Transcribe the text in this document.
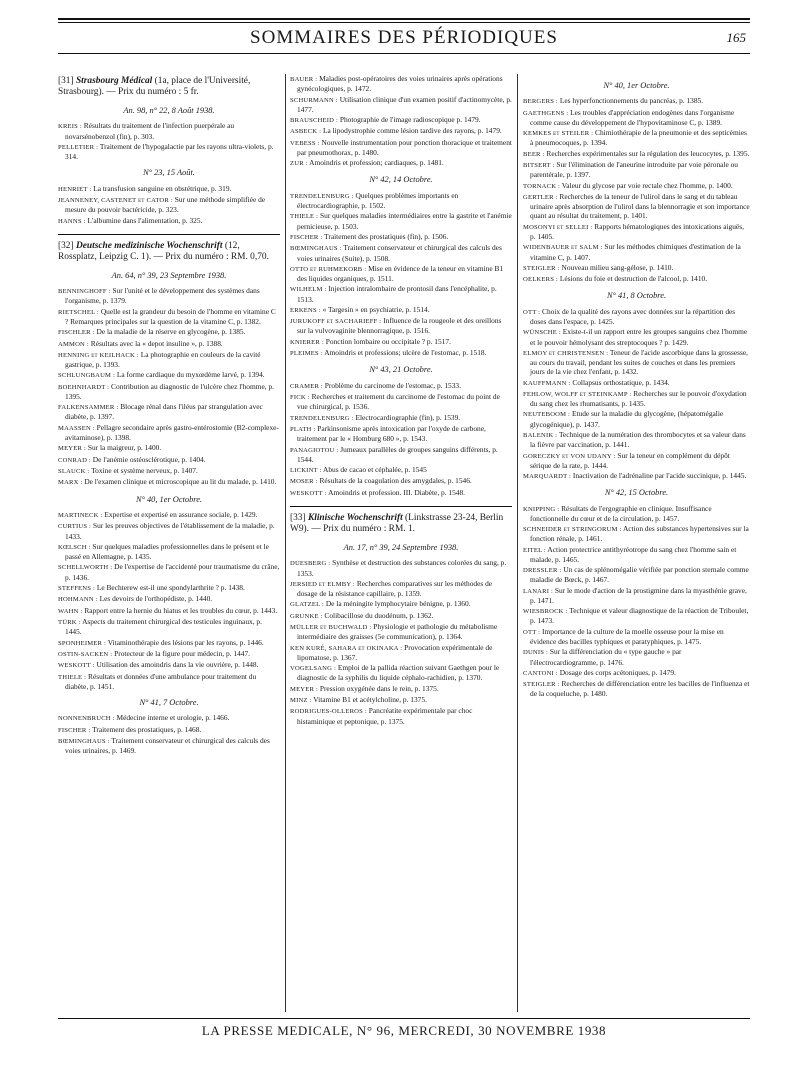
SOMMAIRES DES PÉRIODIQUES	165
[31] Strasbourg Médical (1a, place de l'Université, Strasbourg). — Prix du numéro : 5 fr.
An. 98, n° 22, 8 Août 1938.
KREIS : Résultats du traitement de l'infection puerpérale au novarsénobenzol (fin), p. 303.
PELLETIER : Traitement de l'hypogalactie par les rayons ultra-violets, p. 314.
N° 23, 15 Août.
HENRIET : La transfusion sanguine en obstétrique, p. 319.
JEANNENEY, CASTENET et CATOR : Sur une méthode simplifiée de mesure du pouvoir bactéricide, p. 323.
HANNS : L'albumine dans l'alimentation, p. 325.
[32] Deutsche medizinische Wochenschrift (12, Rossplatz, Leipzig C. 1). — Prix du numéro : RM. 0,70.
An. 64, n° 39, 23 Septembre 1938.
BENNINGHOFF : Sur l'unité et le développement des systèmes dans l'organisme, p. 1379.
RIETSCHEL : Quelle est la grandeur du besoin de l'homme en vitamine C ? Remarques principales sur la question de la vitamine C, p. 1382.
FISCHLER : De la maladie de la réserve en glycogène, p. 1385.
AMMON : Résultats avec la « depot insuline », p. 1388.
HENNING et KEILHACK : La photographie en couleurs de la cavité gastrique, p. 1393.
SCHLUNGBAUM : La forme cardiaque du myxœdème larvé, p. 1394.
BOEHNHARDT : Contribution au diagnostic de l'ulcère chez l'homme, p. 1395.
FALKENSAMMER : Blocage rénal dans l'iléus par strangulation avec diabète, p. 1397.
MAASSEN : Pellagre secondaire après gastro-entérostomie (B2-complexe-avitaminose), p. 1398.
MEYER : Sur la maigreur, p. 1400.
CONRAD : De l'anémie ostéosclérotique, p. 1404.
SLAUCK : Toxine et système nerveux, p. 1407.
MARX : De l'examen clinique et microscopique au lit du malade, p. 1410.
N° 40, 1er Octobre.
MARTINECK : Expertise et expertisé en assurance sociale, p. 1429.
CURTIUS : Sur les preuves objectives de l'établissement de la maladie, p. 1433.
KŒLSCH : Sur quelques maladies professionnelles dans le présent et le passé en Allemagne, p. 1435.
SCHELLWORTH : De l'expertise de l'accidenté pour traumatisme du crâne, p. 1436.
STEFFENS : Le Bechterew est-il une spondylarthrite ? p. 1438.
HOHMANN : Les devoirs de l'orthopédiste, p. 1440.
WAHN : Rapport entre la hernie du hiatus et les troubles du cœur, p. 1443.
TÜRK : Aspects du traitement chirurgical des testicules inguinaux, p. 1445.
SPONHEIMER : Vitaminothérapie des lésions par les rayons, p. 1446.
OSTIN-SACKEN : Protecteur de la figure pour médecin, p. 1447.
WESKOTT : Utilisation des amoindris dans la vie ouvrière, p. 1448.
THIELE : Résultats et données d'une ambulance pour traitement du diabète, p. 1451.
N° 41, 7 Octobre.
NONNENBRUCH : Médecine interne et urologie, p. 1466.
FISCHER : Traitement des prostatiques, p. 1468.
BŒMINGHAUS : Traitement conservateur et chirurgical des calculs des voies urinaires, p. 1469.
BAUER : Maladies post-opératoires des voies urinaires après opérations gynécologiques, p. 1472.
SCHURMANN : Utilisation clinique d'un examen positif d'actinomycète, p. 1477.
BRAUSCHEID : Photographie de l'image radioscopique p. 1479.
ASBECK : La lipodystrophie comme lésion tardive des rayons, p. 1479.
VEBESS : Nouvelle instrumentation pour ponction thoracique et traitement par pneumothorax, p. 1480.
ZUR : Amoindris et profession; cardiaques, p. 1481.
N° 42, 14 Octobre.
TRENDELENBURG : Quelques problèmes importants en électrocardiographie, p. 1502.
THIELE : Sur quelques maladies intermédiaires entre la gastrite et l'anémie pernicieuse, p. 1503.
FISCHER : Traitement des prostatiques (fin), p. 1506.
BŒMINGHAUS : Traitement conservateur et chirurgical des calculs des voies urinaires (Suite), p. 1508.
OTTO et RUHMEKORB : Mise en évidence de la teneur en vitamine B1 des liquides organiques, p. 1511.
WILHELM : Injection intralombaire de prontosil dans l'encéphalite, p. 1513.
ERKENS : « Targesin » en psychiatrie, p. 1514.
JURUKOFF et SACHARIEFF : Influence de la rougeole et des oreillons sur la vulvovaginite blennorragique, p. 1516.
KNIERER : Ponction lombaire ou occipitale ? p. 1517.
PLEIMES : Amoindris et professions; ulcère de l'estomac, p. 1518.
N° 43, 21 Octobre.
CRAMER : Problème du carcinome de l'estomac, p. 1533.
FICK : Recherches et traitement du carcinome de l'estomac du point de vue chirurgical, p. 1536.
TRENDELENBURG : Electrocardiographie (fin), p. 1539.
PLATH : Parkinsonisme après intoxication par l'oxyde de carbone, traitement par le « Homburg 680 », p. 1543.
PANAGIOTOU : Jumeaux parallèles de groupes sanguins différents, p. 1544.
LICKINT : Abus de cacao et céphalée, p. 1545
MOSER : Résultats de la coagulation des amygdales, p. 1546.
WESKOTT : Amoindris et profession. III. Diabète, p. 1548.
[33] Klinische Wochenschrift (Linkstrasse 23-24, Berlin W9). — Prix du numéro : RM. 1.
An. 17, n° 39, 24 Septembre 1938.
DUESBERG : Synthèse et destruction des substances colorées du sang, p. 1353.
JERSIED et ELMBY : Recherches comparatives sur les méthodes de dosage de la résistance capillaire, p. 1359.
GLATZEL : De la méningite lymphocytaire bénigne, p. 1360.
GRUNKE : Colibacillose du duodénum, p. 1362.
MÜLLER et BUCHWALD : Physiologie et pathologie du métabolisme intermédiaire des graisses (5e communication), p. 1364.
KEN KURÉ, SAHARA et OKINAKA : Provocation expérimentale de lipomatose, p. 1367.
VOGELSANG : Emploi de la pallida réaction suivant Gaethgen pour le diagnostic de la syphilis du liquide céphalo-rachidien, p. 1370.
MEYER : Pression oxygénée dans le rein, p. 1375.
MINZ : Vitamine B1 et acétylcholine, p. 1375.
RODRIGUES-OLLEROS : Pancréatite expérimentale par choc histaminique et peptonique, p. 1375.
N° 40, 1er Octobre.
BERGERS : Les hyperfonctionnements du pancréas, p. 1385.
GAETHGENS : Les troubles d'appréciation endogènes dans l'organisme comme cause du développement de l'hypovitaminose C, p. 1389.
KEMKES et STEILER : Chimiothérapie de la pneumonie et des septicémies à pneumocoques, p. 1394.
BEER : Recherches expérimentales sur la régulation des leucocytes, p. 1395.
BITSERT : Sur l'élimination de l'aneurine introduite par voie péronale ou parentérale, p. 1397.
TORNACK : Valeur du glycose par voie rectale chez l'homme, p. 1400.
GERTLER : Recherches de la teneur de l'ulirol dans le sang et du tableau urinaire après absorption de l'ulirol dans la blennorragie et son importance quant au résultat du traitement, p. 1401.
MOSONYI et SELLEI : Rapports hématologiques des intoxications aiguës, p. 1405.
WIDENBAUER et SALM : Sur les méthodes chimiques d'estimation de la vitamine C, p. 1407.
STEIGLER : Nouveau milieu sang-gélose, p. 1410.
OELKERS : Lésions du foie et destruction de l'alcool, p. 1410.
N° 41, 8 Octobre.
OTT : Choix de la qualité des rayons avec données sur la répartition des doses dans l'espace, p. 1425.
WÜNSCHE : Existe-t-il un rapport entre les groupes sanguins chez l'homme et le pouvoir hémolysant des streptocoques ? p. 1429.
ELMOY et CHRISTENSEN : Teneur de l'acide ascorbique dans la grossesse, au cours du travail, pendant les suites de couches et dans les premiers jours de la vie chez l'enfant, p. 1432.
KAUFFMANN : Collapsus orthostatique, p. 1434.
FEHLOW, WOLFF et STEINKAMP : Recherches sur le pouvoir d'oxydation du sang chez les rhumatisants, p. 1435.
NEUTEBOOM : Etude sur la maladie du glycogène, (hépatomégalie glycogénique), p. 1437.
BALENIK : Technique de la numération des thrombocytes et sa valeur dans la fièvre par vaccination, p. 1441.
GORECZKY et VON UDANY : Sur la teneur en complément du dépôt sérique de la rate, p. 1444.
MARQUARDT : Inactivation de l'adrénaline par l'acide succinique, p. 1445.
N° 42, 15 Octobre.
KNIPPING : Résultats de l'ergographie en clinique. Insuffisance fonctionnelle du cœur et de la circulation, p. 1457.
SCHNEIDER et STRINGORUM : Action des substances hypertensives sur la fonction rénale, p. 1461.
EITEL : Action protectrice antithyréotrope du sang chez l'homme sain et malade, p. 1465.
DRESSLER : Un cas de splénomégalie vérifiée par ponction sternale comme maladie de Bœck, p. 1467.
LANARI : Sur le mode d'action de la prostigmine dans la myasthénie grave, p. 1471.
WIESBROCK : Technique et valeur diagnostique de la réaction de Triboulet, p. 1473.
OTT : Importance de la culture de la moelle osseuse pour la mise en évidence des bacilles typhiques et paratyphiques, p. 1475.
DUNIS : Sur la différenciation du « type gauche » par l'électrocardiogramme, p. 1476.
CANTONI : Dosage des corps acétoniques, p. 1479.
STEIGLER : Recherches de différenciation entre les bacilles de l'influenza et de la coqueluche, p. 1480.
LA PRESSE MEDICALE, N° 96, MERCREDI, 30 NOVEMBRE 1938
